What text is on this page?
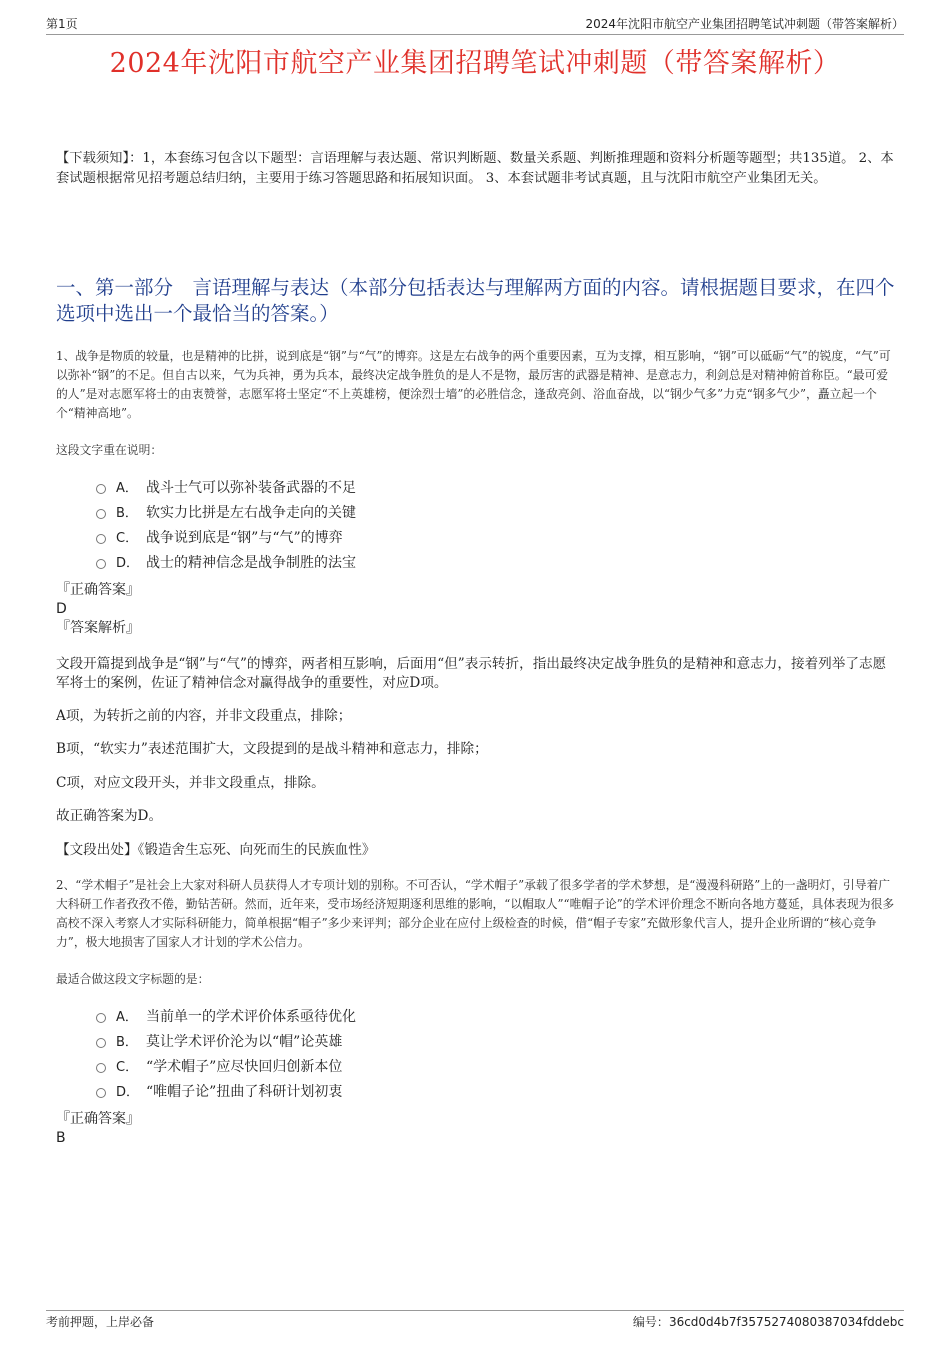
第1页	2024年沈阳市航空产业集团招聘笔试冲刺题（带答案解析）
2024年沈阳市航空产业集团招聘笔试冲刺题（带答案解析）
【下载须知】：1，本套练习包含以下题型：言语理解与表达题、常识判断题、数量关系题、判断推理题和资料分析题等题型；共135道。 2、本套试题根据常见招考题总结归纳，主要用于练习答题思路和拓展知识面。 3、本套试题非考试真题，且与沈阳市航空产业集团无关。
一、第一部分　言语理解与表达（本部分包括表达与理解两方面的内容。请根据题目要求，在四个选项中选出一个最恰当的答案。）

1、战争是物质的较量，也是精神的比拼，说到底是“钢”与“气”的博弈。这是左右战争的两个重要因素，互为支撑，相互影响，“钢”可以砥砺“气”的锐度，“气”可以弥补“钢”的不足。但自古以来，气为兵神，勇为兵本，最终决定战争胜负的是人不是物，最厉害的武器是精神、是意志力，利剑总是对精神俯首称臣。“最可爱的人”是对志愿军将士的由衷赞誉，志愿军将士坚定“不上英雄榜，便涂烈士墙”的必胜信念，逢敌亮剑、浴血奋战，以“钢少气多”力克“钢多气少”，矗立起一个个“精神高地”。

这段文字重在说明：

A． 战斗士气可以弥补装备武器的不足
B． 软实力比拼是左右战争走向的关键
C． 战争说到底是“钢”与“气”的博弈
D． 战士的精神信念是战争制胜的法宝
『正确答案』
D
『答案解析』

文段开篇提到战争是“钢”与“气”的博弈，两者相互影响，后面用“但”表示转折，指出最终决定战争胜负的是精神和意志力，接着列举了志愿军将士的案例，佐证了精神信念对赢得战争的重要性，对应D项。

A项，为转折之前的内容，并非文段重点，排除；

B项，“软实力”表述范围扩大，文段提到的是战斗精神和意志力，排除；

C项，对应文段开头，并非文段重点，排除。

故正确答案为D。

【文段出处】《锻造舍生忘死、向死而生的民族血性》

2、“学术帽子”是社会上大家对科研人员获得人才专项计划的别称。不可否认，“学术帽子”承载了很多学者的学术梦想，是“漫漫科研路”上的一盏明灯，引导着广大科研工作者孜孜不倦，勤钻苦研。然而，近年来，受市场经济短期逐利思维的影响，“以帽取人”“唯帽子论”的学术评价理念不断向各地方蔓延，具体表现为很多高校不深入考察人才实际科研能力，简单根据“帽子”多少来评判；部分企业在应付上级检查的时候，借“帽子专家”充做形象代言人，提升企业所谓的“核心竞争力”，极大地损害了国家人才计划的学术公信力。

最适合做这段文字标题的是：

A． 当前单一的学术评价体系亟待优化
B． 莫让学术评价沦为以“帽”论英雄
C． “学术帽子”应尽快回归创新本位
D． “唯帽子论”扭曲了科研计划初衷
『正确答案』
B
考前押题，上岸必备	编号：36cd0d4b7f3575274080387034fddebc
